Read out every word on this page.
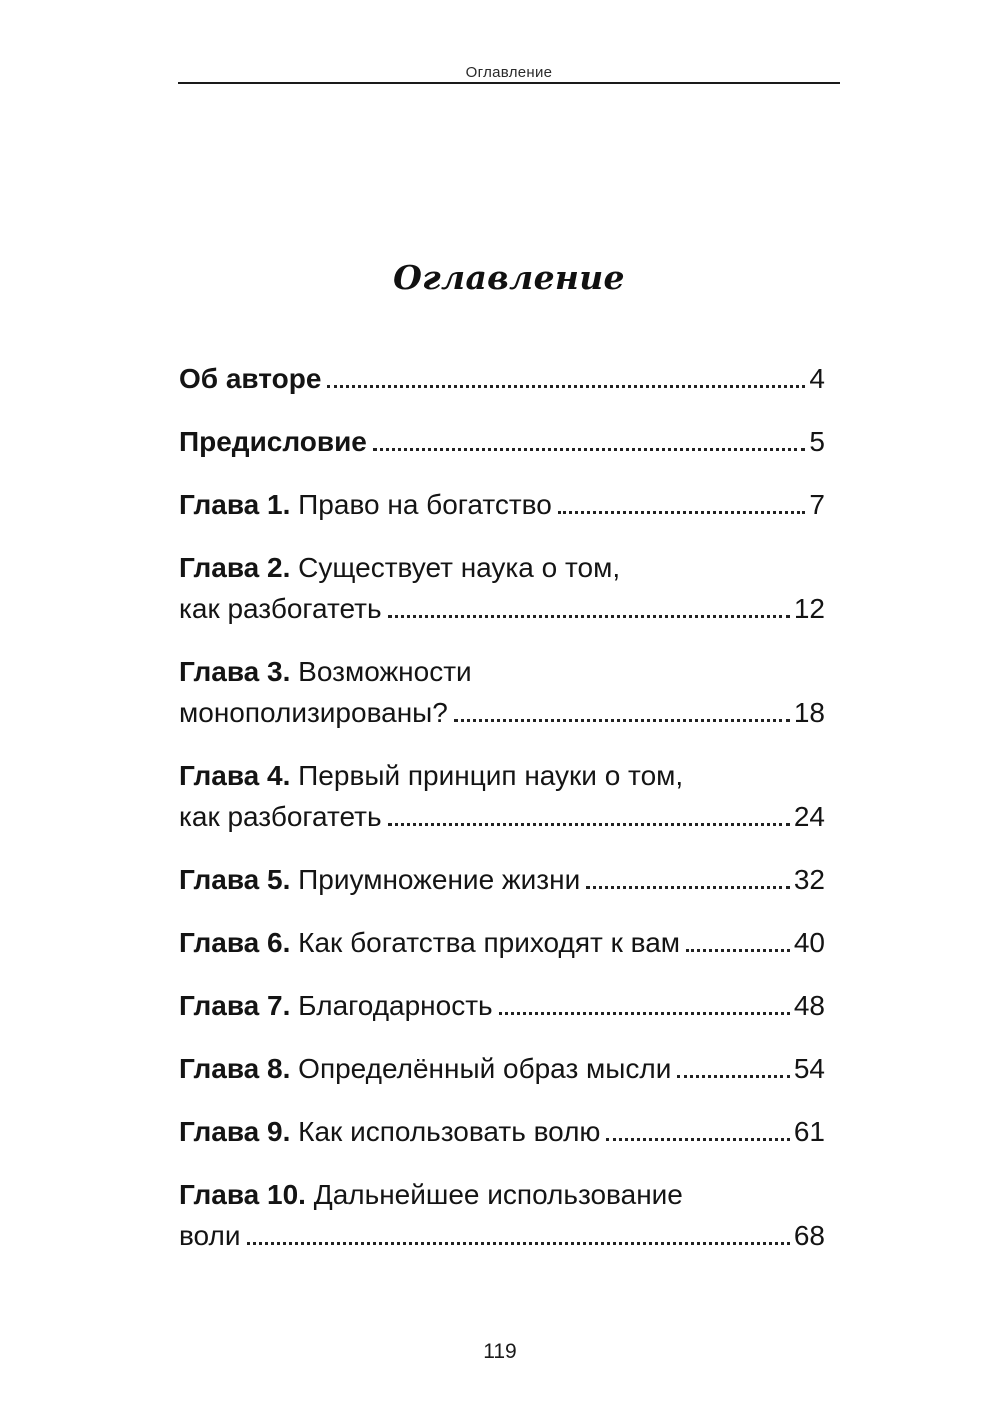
Оглавление
Оглавление
Об авторе	4
Предисловие	5
Глава 1. Право на богатство	7
Глава 2. Существует наука о том,
как разбогатеть	12
Глава 3. Возможности
монополизированы?	18
Глава 4. Первый принцип науки о том,
как разбогатеть	24
Глава 5. Приумножение жизни	32
Глава 6. Как богатства приходят к вам	40
Глава 7. Благодарность	48
Глава 8. Определённый образ мысли	54
Глава 9. Как использовать волю	61
Глава 10. Дальнейшее использование
воли	68
119
